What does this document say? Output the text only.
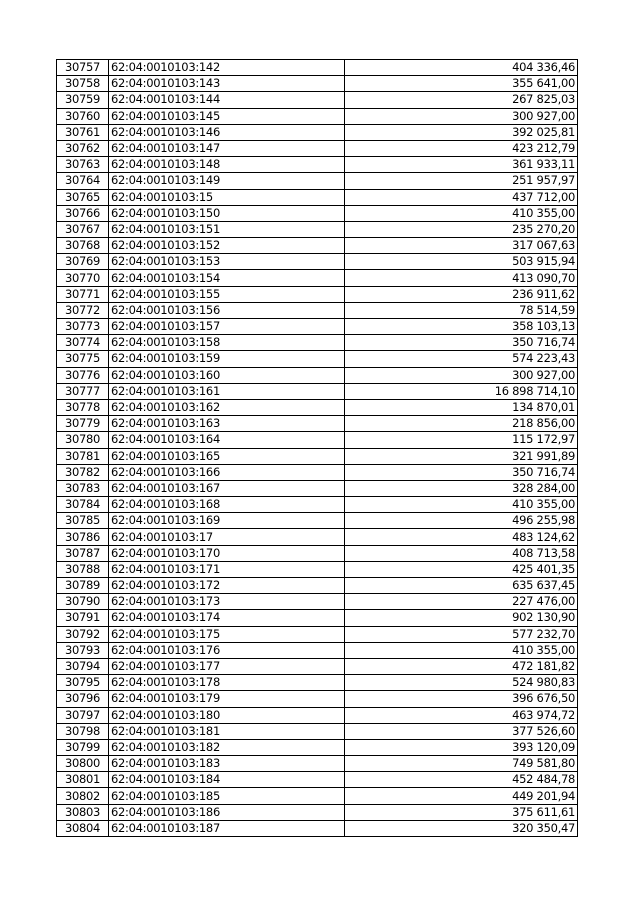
30757	62:04:0010103:142	404 336,46
30758	62:04:0010103:143	355 641,00
30759	62:04:0010103:144	267 825,03
30760	62:04:0010103:145	300 927,00
30761	62:04:0010103:146	392 025,81
30762	62:04:0010103:147	423 212,79
30763	62:04:0010103:148	361 933,11
30764	62:04:0010103:149	251 957,97
30765	62:04:0010103:15	437 712,00
30766	62:04:0010103:150	410 355,00
30767	62:04:0010103:151	235 270,20
30768	62:04:0010103:152	317 067,63
30769	62:04:0010103:153	503 915,94
30770	62:04:0010103:154	413 090,70
30771	62:04:0010103:155	236 911,62
30772	62:04:0010103:156	78 514,59
30773	62:04:0010103:157	358 103,13
30774	62:04:0010103:158	350 716,74
30775	62:04:0010103:159	574 223,43
30776	62:04:0010103:160	300 927,00
30777	62:04:0010103:161	16 898 714,10
30778	62:04:0010103:162	134 870,01
30779	62:04:0010103:163	218 856,00
30780	62:04:0010103:164	115 172,97
30781	62:04:0010103:165	321 991,89
30782	62:04:0010103:166	350 716,74
30783	62:04:0010103:167	328 284,00
30784	62:04:0010103:168	410 355,00
30785	62:04:0010103:169	496 255,98
30786	62:04:0010103:17	483 124,62
30787	62:04:0010103:170	408 713,58
30788	62:04:0010103:171	425 401,35
30789	62:04:0010103:172	635 637,45
30790	62:04:0010103:173	227 476,00
30791	62:04:0010103:174	902 130,90
30792	62:04:0010103:175	577 232,70
30793	62:04:0010103:176	410 355,00
30794	62:04:0010103:177	472 181,82
30795	62:04:0010103:178	524 980,83
30796	62:04:0010103:179	396 676,50
30797	62:04:0010103:180	463 974,72
30798	62:04:0010103:181	377 526,60
30799	62:04:0010103:182	393 120,09
30800	62:04:0010103:183	749 581,80
30801	62:04:0010103:184	452 484,78
30802	62:04:0010103:185	449 201,94
30803	62:04:0010103:186	375 611,61
30804	62:04:0010103:187	320 350,47
